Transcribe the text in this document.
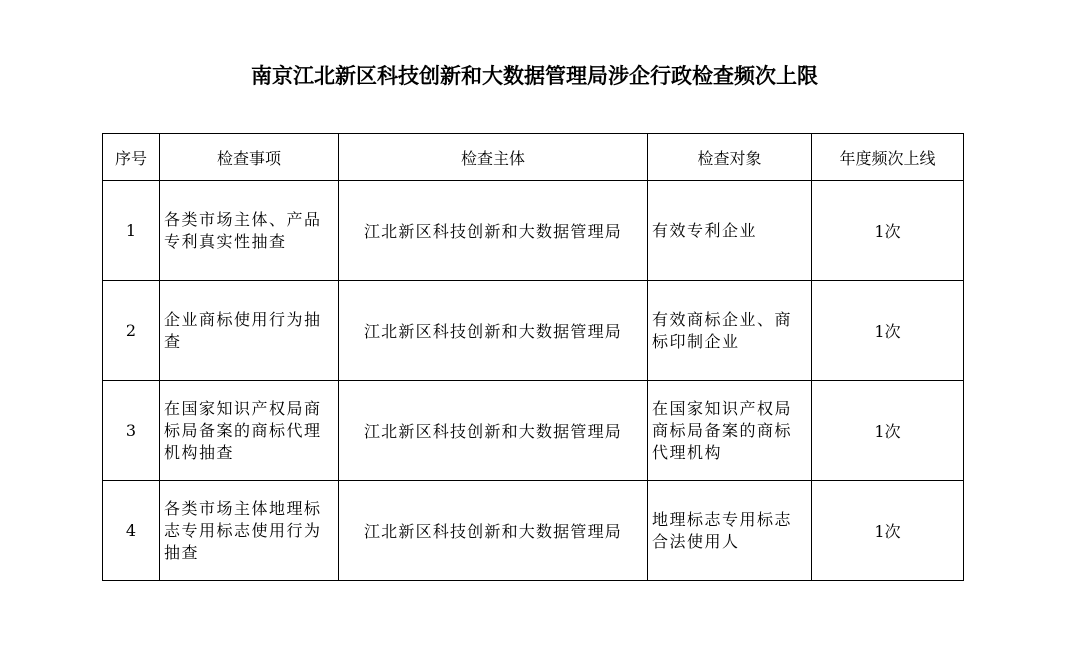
南京江北新区科技创新和大数据管理局涉企行政检查频次上限
序号	检查事项	检查主体	检查对象	年度频次上线
1	各类市场主体、产品专利真实性抽查	江北新区科技创新和大数据管理局	有效专利企业	1次
2	企业商标使用行为抽查	江北新区科技创新和大数据管理局	有效商标企业、商标印制企业	1次
3	在国家知识产权局商标局备案的商标代理机构抽查	江北新区科技创新和大数据管理局	在国家知识产权局商标局备案的商标代理机构	1次
4	各类市场主体地理标志专用标志使用行为抽查	江北新区科技创新和大数据管理局	地理标志专用标志合法使用人	1次
